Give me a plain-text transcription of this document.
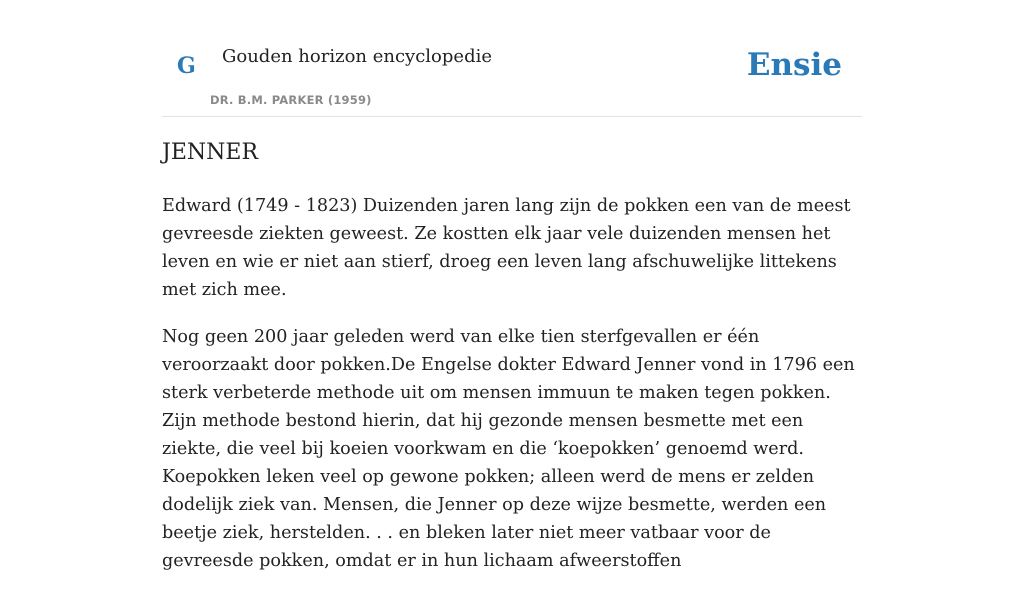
G Gouden horizon encyclopedie
DR. B.M. PARKER (1959)
Ensie
JENNER

Edward (1749 - 1823) Duizenden jaren lang zijn de pokken een van de meest gevreesde ziekten geweest. Ze kostten elk jaar vele duizenden mensen het leven en wie er niet aan stierf, droeg een leven lang afschuwelijke littekens met zich mee.

Nog geen 200 jaar geleden werd van elke tien sterfgevallen er één veroorzaakt door pokken.De Engelse dokter Edward Jenner vond in 1796 een sterk verbeterde methode uit om mensen immuun te maken tegen pokken. Zijn methode bestond hierin, dat hij gezonde mensen besmette met een ziekte, die veel bij koeien voorkwam en die ‘koepokken’ genoemd werd. Koepokken leken veel op gewone pokken; alleen werd de mens er zelden dodelijk ziek van. Mensen, die Jenner op deze wijze besmette, werden een beetje ziek, herstelden. . . en bleken later niet meer vatbaar voor de gevreesde pokken, omdat er in hun lichaam afweerstoffen
